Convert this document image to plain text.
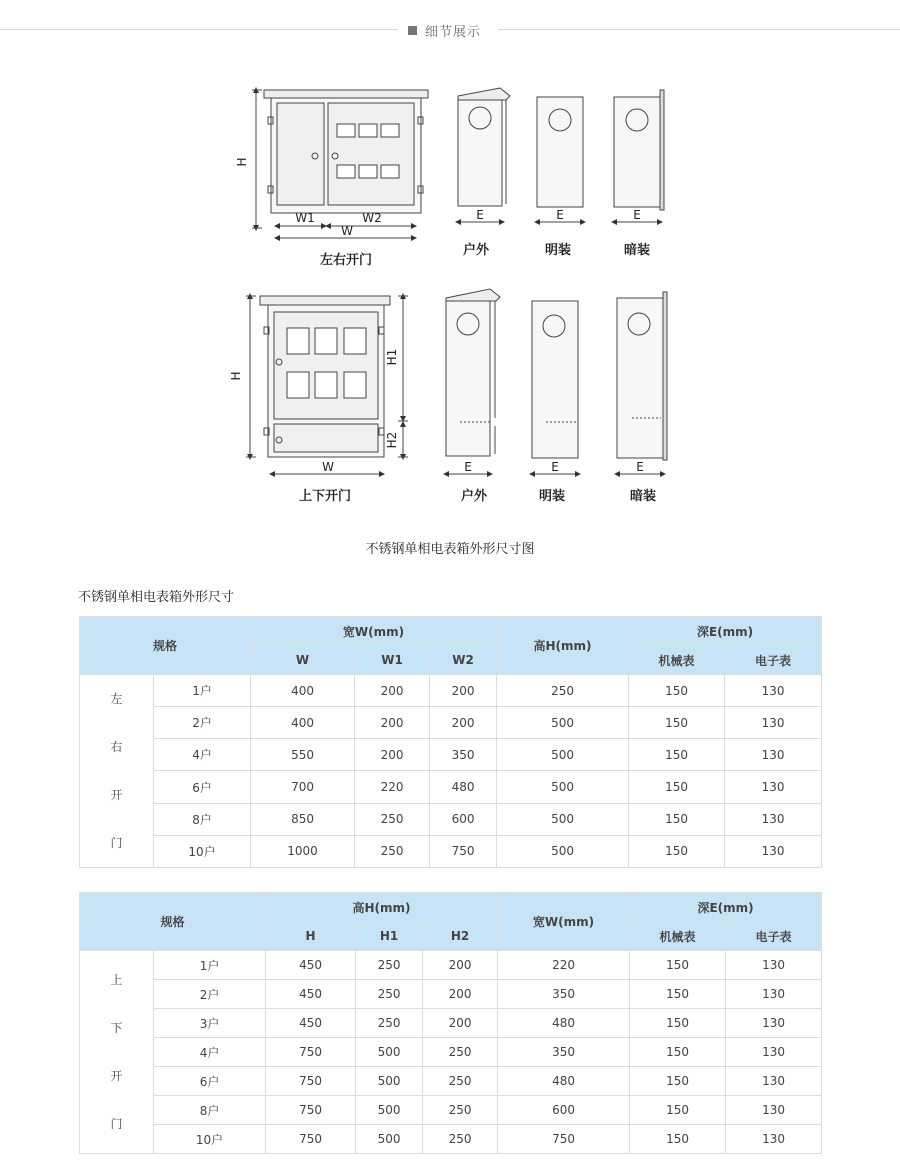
细节展示
H
W1	W2
W
左右开门
E	E	E
户外	明装	暗装
H
H1
H2
W
上下开门
E	E	E
户外	明装	暗装
不锈钢单相电表箱外形尺寸图
不锈钢单相电表箱外形尺寸
规格		宽W(mm)			高H(mm)	深E(mm)	
		W	W1	W2		机械表	电子表

左
右
开
门	1户	400	200	200	250	150	130
	2户	400	200	200	500	150	130
	4户	550	200	350	500	150	130
	6户	700	220	480	500	150	130
	8户	850	250	600	500	150	130
	10户	1000	250	750	500	150	130
规格		高H(mm)			宽W(mm)	深E(mm)	
		H	H1	H2		机械表	电子表

上
下
开
门	1户	450	250	200	220	150	130
	2户	450	250	200	350	150	130
	3户	450	250	200	480	150	130
	4户	750	500	250	350	150	130
	6户	750	500	250	480	150	130
	8户	750	500	250	600	150	130
	10户	750	500	250	750	150	130
